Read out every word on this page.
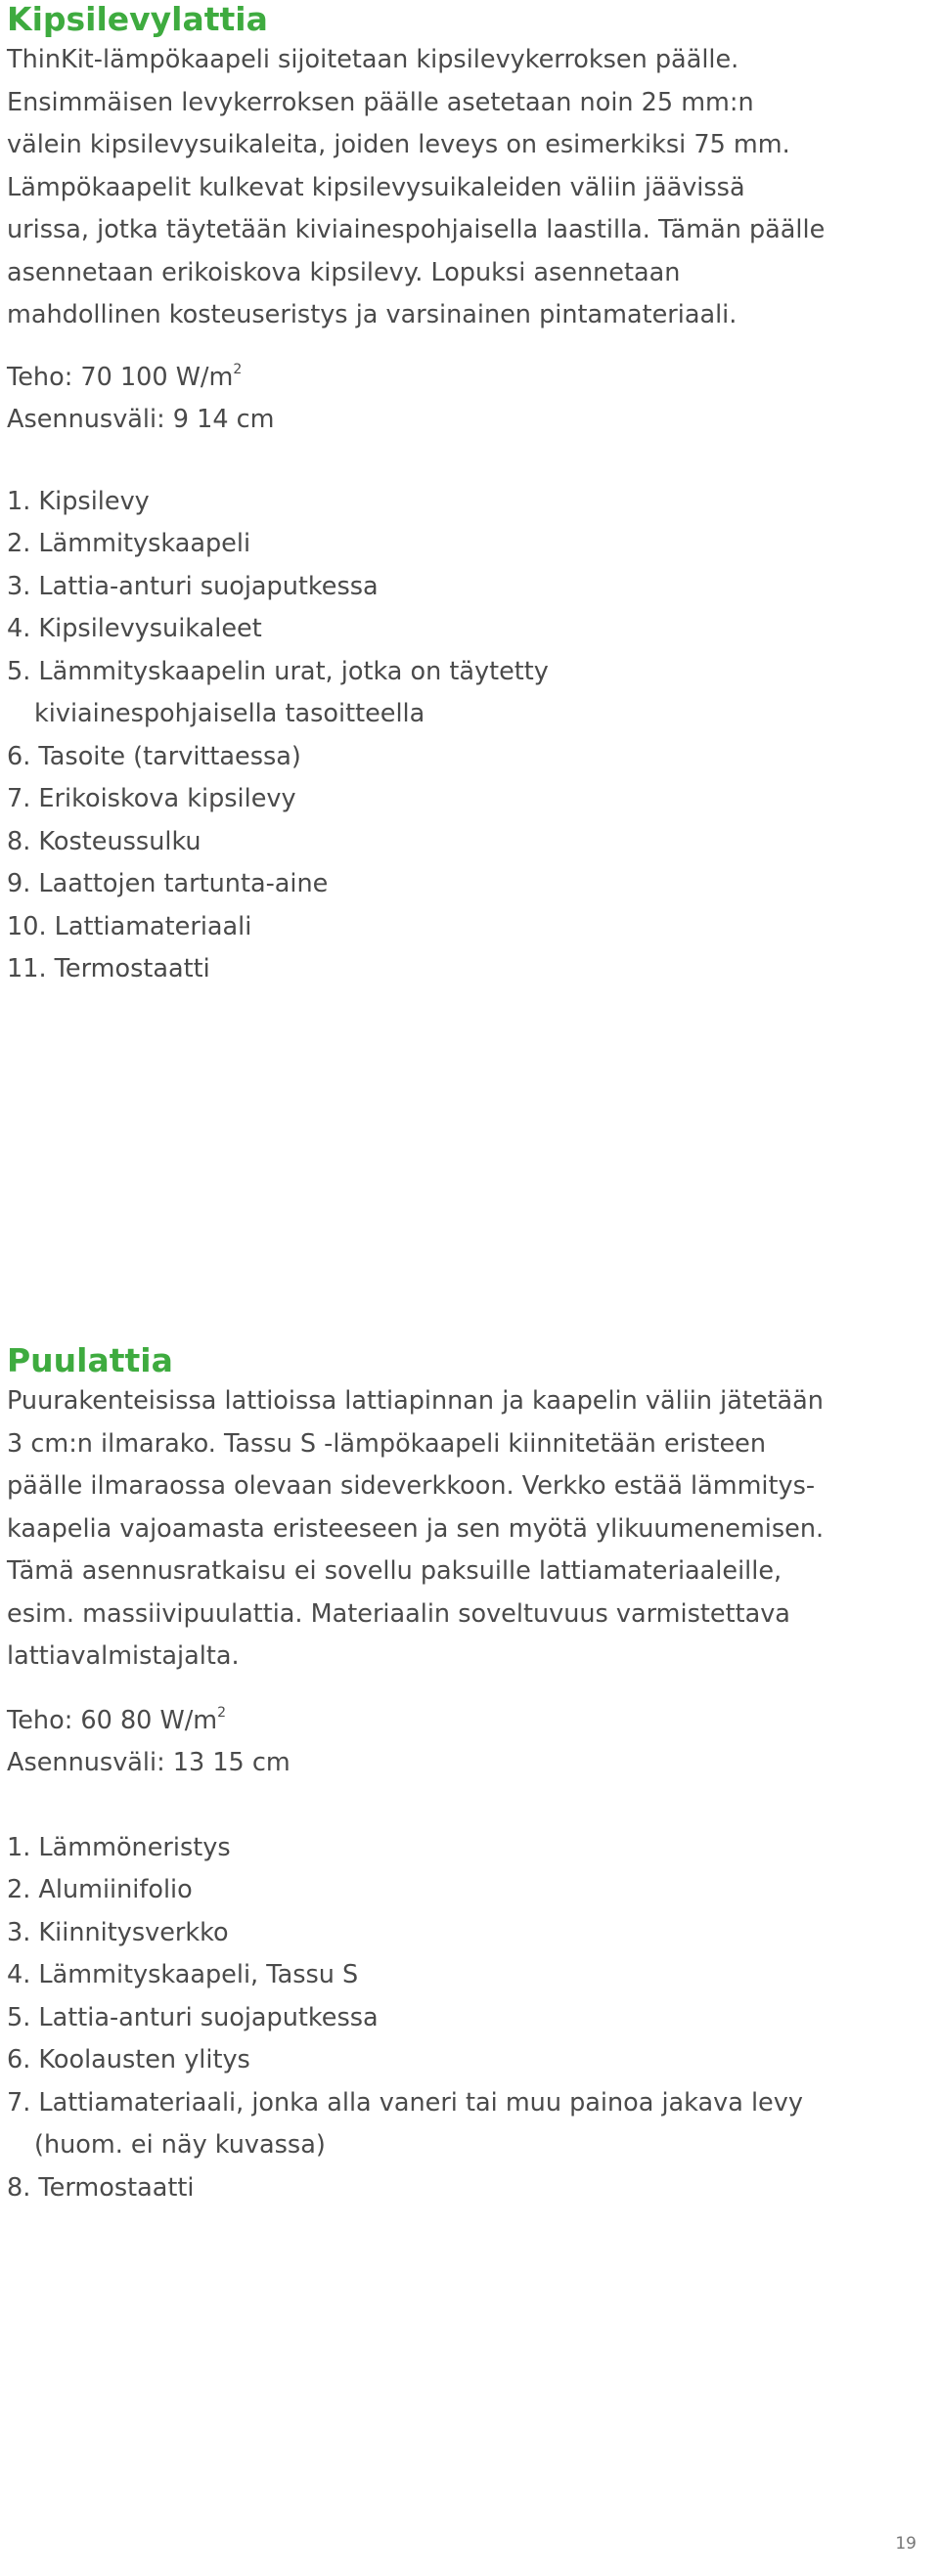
Kipsilevylattia

ThinKit-lämpökaapeli sijoitetaan kipsilevykerroksen päälle.
Ensimmäisen levykerroksen päälle asetetaan noin 25 mm:n
välein kipsilevysuikaleita, joiden leveys on esimerkiksi 75 mm.
Lämpökaapelit kulkevat kipsilevysuikaleiden väliin jäävissä
urissa, jotka täytetään kiviainespohjaisella laastilla. Tämän päälle
asennetaan erikoiskova kipsilevy. Lopuksi asennetaan
mahdollinen kosteuseristys ja varsinainen pintamateriaali.

Teho: 70 100 $W/m^2$

Asennusväli: 9 14 cm

1. Kipsilevy
2. Lämmityskaapeli
3. Lattia-anturi suojaputkessa
4. Kipsilevysuikaleet
5. Lämmityskaapelin urat, jotka on täytetty
kiviainespohjaisella tasoitteella
6. Tasoite (tarvittaessa)
7. Erikoiskova kipsilevy
8. Kosteussulku
9. Laattojen tartunta-aine
10. Lattiamateriaali
11. Termostaatti
Puulattia

Puurakenteisissa lattioissa lattiapinnan ja kaapelin väliin jätetään
3 cm:n ilmarako. Tassu S -lämpökaapeli kiinnitetään eristeen
päälle ilmaraossa olevaan sideverkkoon. Verkko estää lämmitys-
kaapelia vajoamasta eristeeseen ja sen myötä ylikuumenemisen.
Tämä asennusratkaisu ei sovellu paksuille lattiamateriaaleille,
esim. massiivipuulattia. Materiaalin soveltuvuus varmistettava
lattiavalmistajalta.

Teho: 60 80 $W/m^2$

Asennusväli: 13 15 cm

1. Lämmöneristys
2. Alumiinifolio
3. Kiinnitysverkko
4. Lämmityskaapeli, Tassu S
5. Lattia-anturi suojaputkessa
6. Koolausten ylitys
7. Lattiamateriaali, jonka alla vaneri tai muu painoa jakava levy
(huom. ei näy kuvassa)
8. Termostaatti
19
